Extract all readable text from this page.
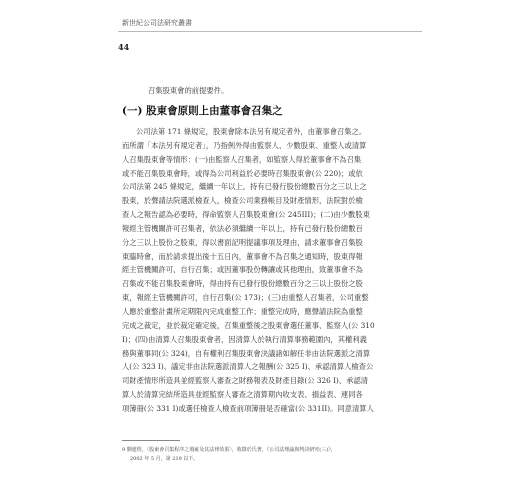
新世紀公司法研究叢書
44
召集股東會的前提要件。
(一) 股東會原則上由董事會召集之
公司法第 171 條規定，股東會除本法另有規定者外，由董事會召集之。
而所謂「本法另有規定者」，乃指例外得由監察人、少數股東、重整人或清算
人召集股東會等情形：(一)由監察人召集者，如監察人得於董事會不為召集
或不能召集股東會時，或得為公司利益於必要時召集股東會(公 220)；或依
公司法第 245 條規定，繼續一年以上，持有已發行股份總數百分之三以上之
股東，於聲請法院選派檢查人，檢查公司業務帳目及財產情形，法院對於檢
查人之報告認為必要時，得命監察人召集股東會(公 245III)；(二)由少數股東
報經主管機關許可召集者，依法必須繼續一年以上，持有已發行股份總數百
分之三以上股份之股東，得以書面記明提議事項及理由，請求董事會召集股
東臨時會，而於請求提出後十五日內，董事會不為召集之通知時，股東得報
經主管機關許可，自行召集；或因董事股份轉讓或其他理由，致董事會不為
召集或不能召集股東會時，得由持有已發行股份總數百分之三以上股份之股
東，報經主管機關許可，自行召集(公 173)；(三)由重整人召集者，公司重整
人應於重整計畫所定期限內完成重整工作；重整完成時，應聲請法院為重整
完成之裁定，並於裁定確定後，召集重整後之股東會選任董事、監察人(公 310
I)；(四)由清算人召集股東會者，因清算人於執行清算事務範圍內，其權利義
務與董事同(公 324)，自有權利召集股東會決議諸如解任非由法院選派之清算
人(公 323 I)、議定非由法院選派清算人之報酬(公 325 I)、承認清算人檢查公
司財產情形所造具並經監察人審查之財務報表及財產目錄(公 326 I)、承認清
算人於清算完結所造具並經監察人審查之清算期內收支表、損益表、連同各
項簿冊(公 331 I)或選任檢查人檢查前項簿冊是否確當(公 331II)。同意清算人
9 劉連煜，〈股東會召集程序之瑕疵及其法律效果〉，收錄於氏著，《公司法理論與判決研究(三)》，
2002 年 5 月，第 219 以下。
